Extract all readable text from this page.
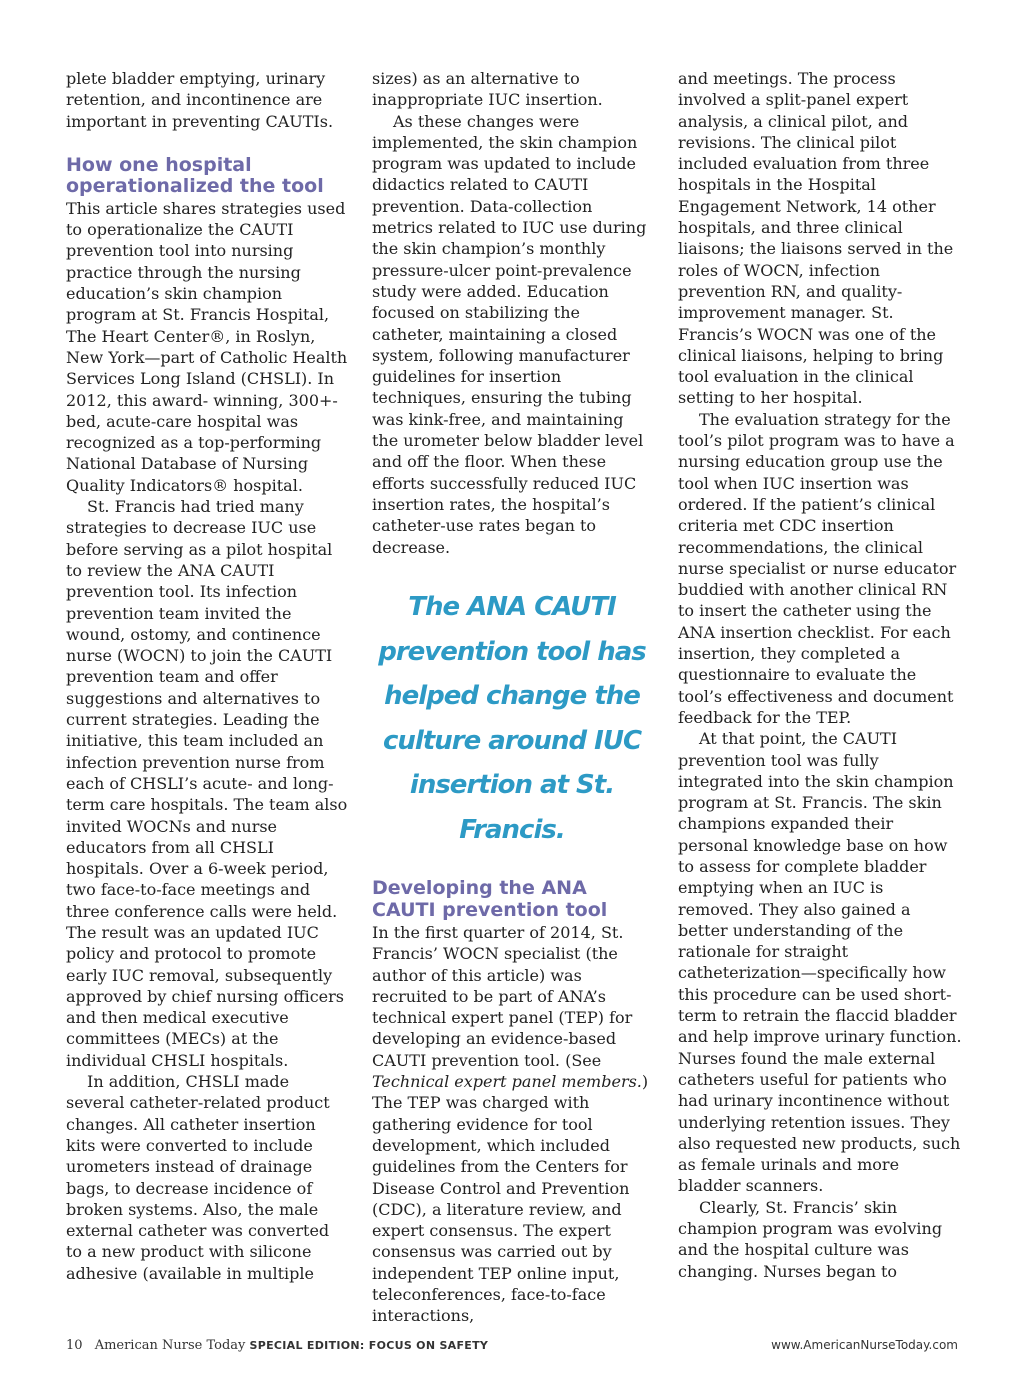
plete bladder emptying, urinary retention, and incontinence are important in preventing CAUTIs.

How one hospital operationalized the tool

This article shares strategies used to operationalize the CAUTI prevention tool into nursing practice through the nursing education’s skin champion program at St. Francis Hospital, The Heart Center®, in Roslyn, New York—part of Catholic Health Services Long Island (CHSLI). In 2012, this award- winning, 300+-bed, acute-care hospital was recognized as a top-performing National Database of Nursing Quality Indicators® hospital.

St. Francis had tried many strategies to decrease IUC use before serving as a pilot hospital to review the ANA CAUTI prevention tool. Its infection prevention team invited the wound, ostomy, and continence nurse (WOCN) to join the CAUTI prevention team and offer suggestions and alternatives to current strategies. Leading the initiative, this team included an infection prevention nurse from each of CHSLI’s acute- and long-term care hospitals. The team also invited WOCNs and nurse educators from all CHSLI hospitals. Over a 6-week period, two face-to-face meetings and three conference calls were held. The result was an updated IUC policy and protocol to promote early IUC removal, subsequently approved by chief nursing officers and then medical executive committees (MECs) at the individual CHSLI hospitals.

In addition, CHSLI made several catheter-related product changes. All catheter insertion kits were converted to include urometers instead of drainage bags, to decrease incidence of broken systems. Also, the male external catheter was converted to a new product with silicone adhesive (available in multiple

sizes) as an alternative to inappropriate IUC insertion.

As these changes were implemented, the skin champion program was updated to include didactics related to CAUTI prevention. Data-collection metrics related to IUC use during the skin champion’s monthly pressure-ulcer point-prevalence study were added. Education focused on stabilizing the catheter, maintaining a closed system, following manufacturer guidelines for insertion techniques, ensuring the tubing was kink-free, and maintaining the urometer below bladder level and off the floor. When these efforts successfully reduced IUC insertion rates, the hospital’s catheter-use rates began to decrease.

The ANA CAUTI prevention tool has helped change the culture around IUC insertion at St. Francis.
Developing the ANA CAUTI prevention tool

In the first quarter of 2014, St. Francis’ WOCN specialist (the author of this article) was recruited to be part of ANA’s technical expert panel (TEP) for developing an evidence-based CAUTI prevention tool. (See Technical expert panel members.) The TEP was charged with gathering evidence for tool development, which included guidelines from the Centers for Disease Control and Prevention (CDC), a literature review, and expert consensus. The expert consensus was carried out by independent TEP online input, teleconferences, face-to-face interactions,

and meetings. The process involved a split-panel expert analysis, a clinical pilot, and revisions. The clinical pilot included evaluation from three hospitals in the Hospital Engagement Network, 14 other hospitals, and three clinical liaisons; the liaisons served in the roles of WOCN, infection prevention RN, and quality-improvement manager. St. Francis’s WOCN was one of the clinical liaisons, helping to bring tool evaluation in the clinical setting to her hospital.

The evaluation strategy for the tool’s pilot program was to have a nursing education group use the tool when IUC insertion was ordered. If the patient’s clinical criteria met CDC insertion recommendations, the clinical nurse specialist or nurse educator buddied with another clinical RN to insert the catheter using the ANA insertion checklist. For each insertion, they completed a questionnaire to evaluate the tool’s effectiveness and document feedback for the TEP.

At that point, the CAUTI prevention tool was fully integrated into the skin champion program at St. Francis. The skin champions expanded their personal knowledge base on how to assess for complete bladder emptying when an IUC is removed. They also gained a better understanding of the rationale for straight catheterization—specifically how this procedure can be used short-term to retrain the flaccid bladder and help improve urinary function. Nurses found the male external catheters useful for patients who had urinary incontinence without underlying retention issues. They also requested new products, such as female urinals and more bladder scanners.

Clearly, St. Francis’ skin champion program was evolving and the hospital culture was changing. Nurses began to

10 American Nurse Today SPECIAL EDITION: FOCUS ON SAFETY	www.AmericanNurseToday.com
